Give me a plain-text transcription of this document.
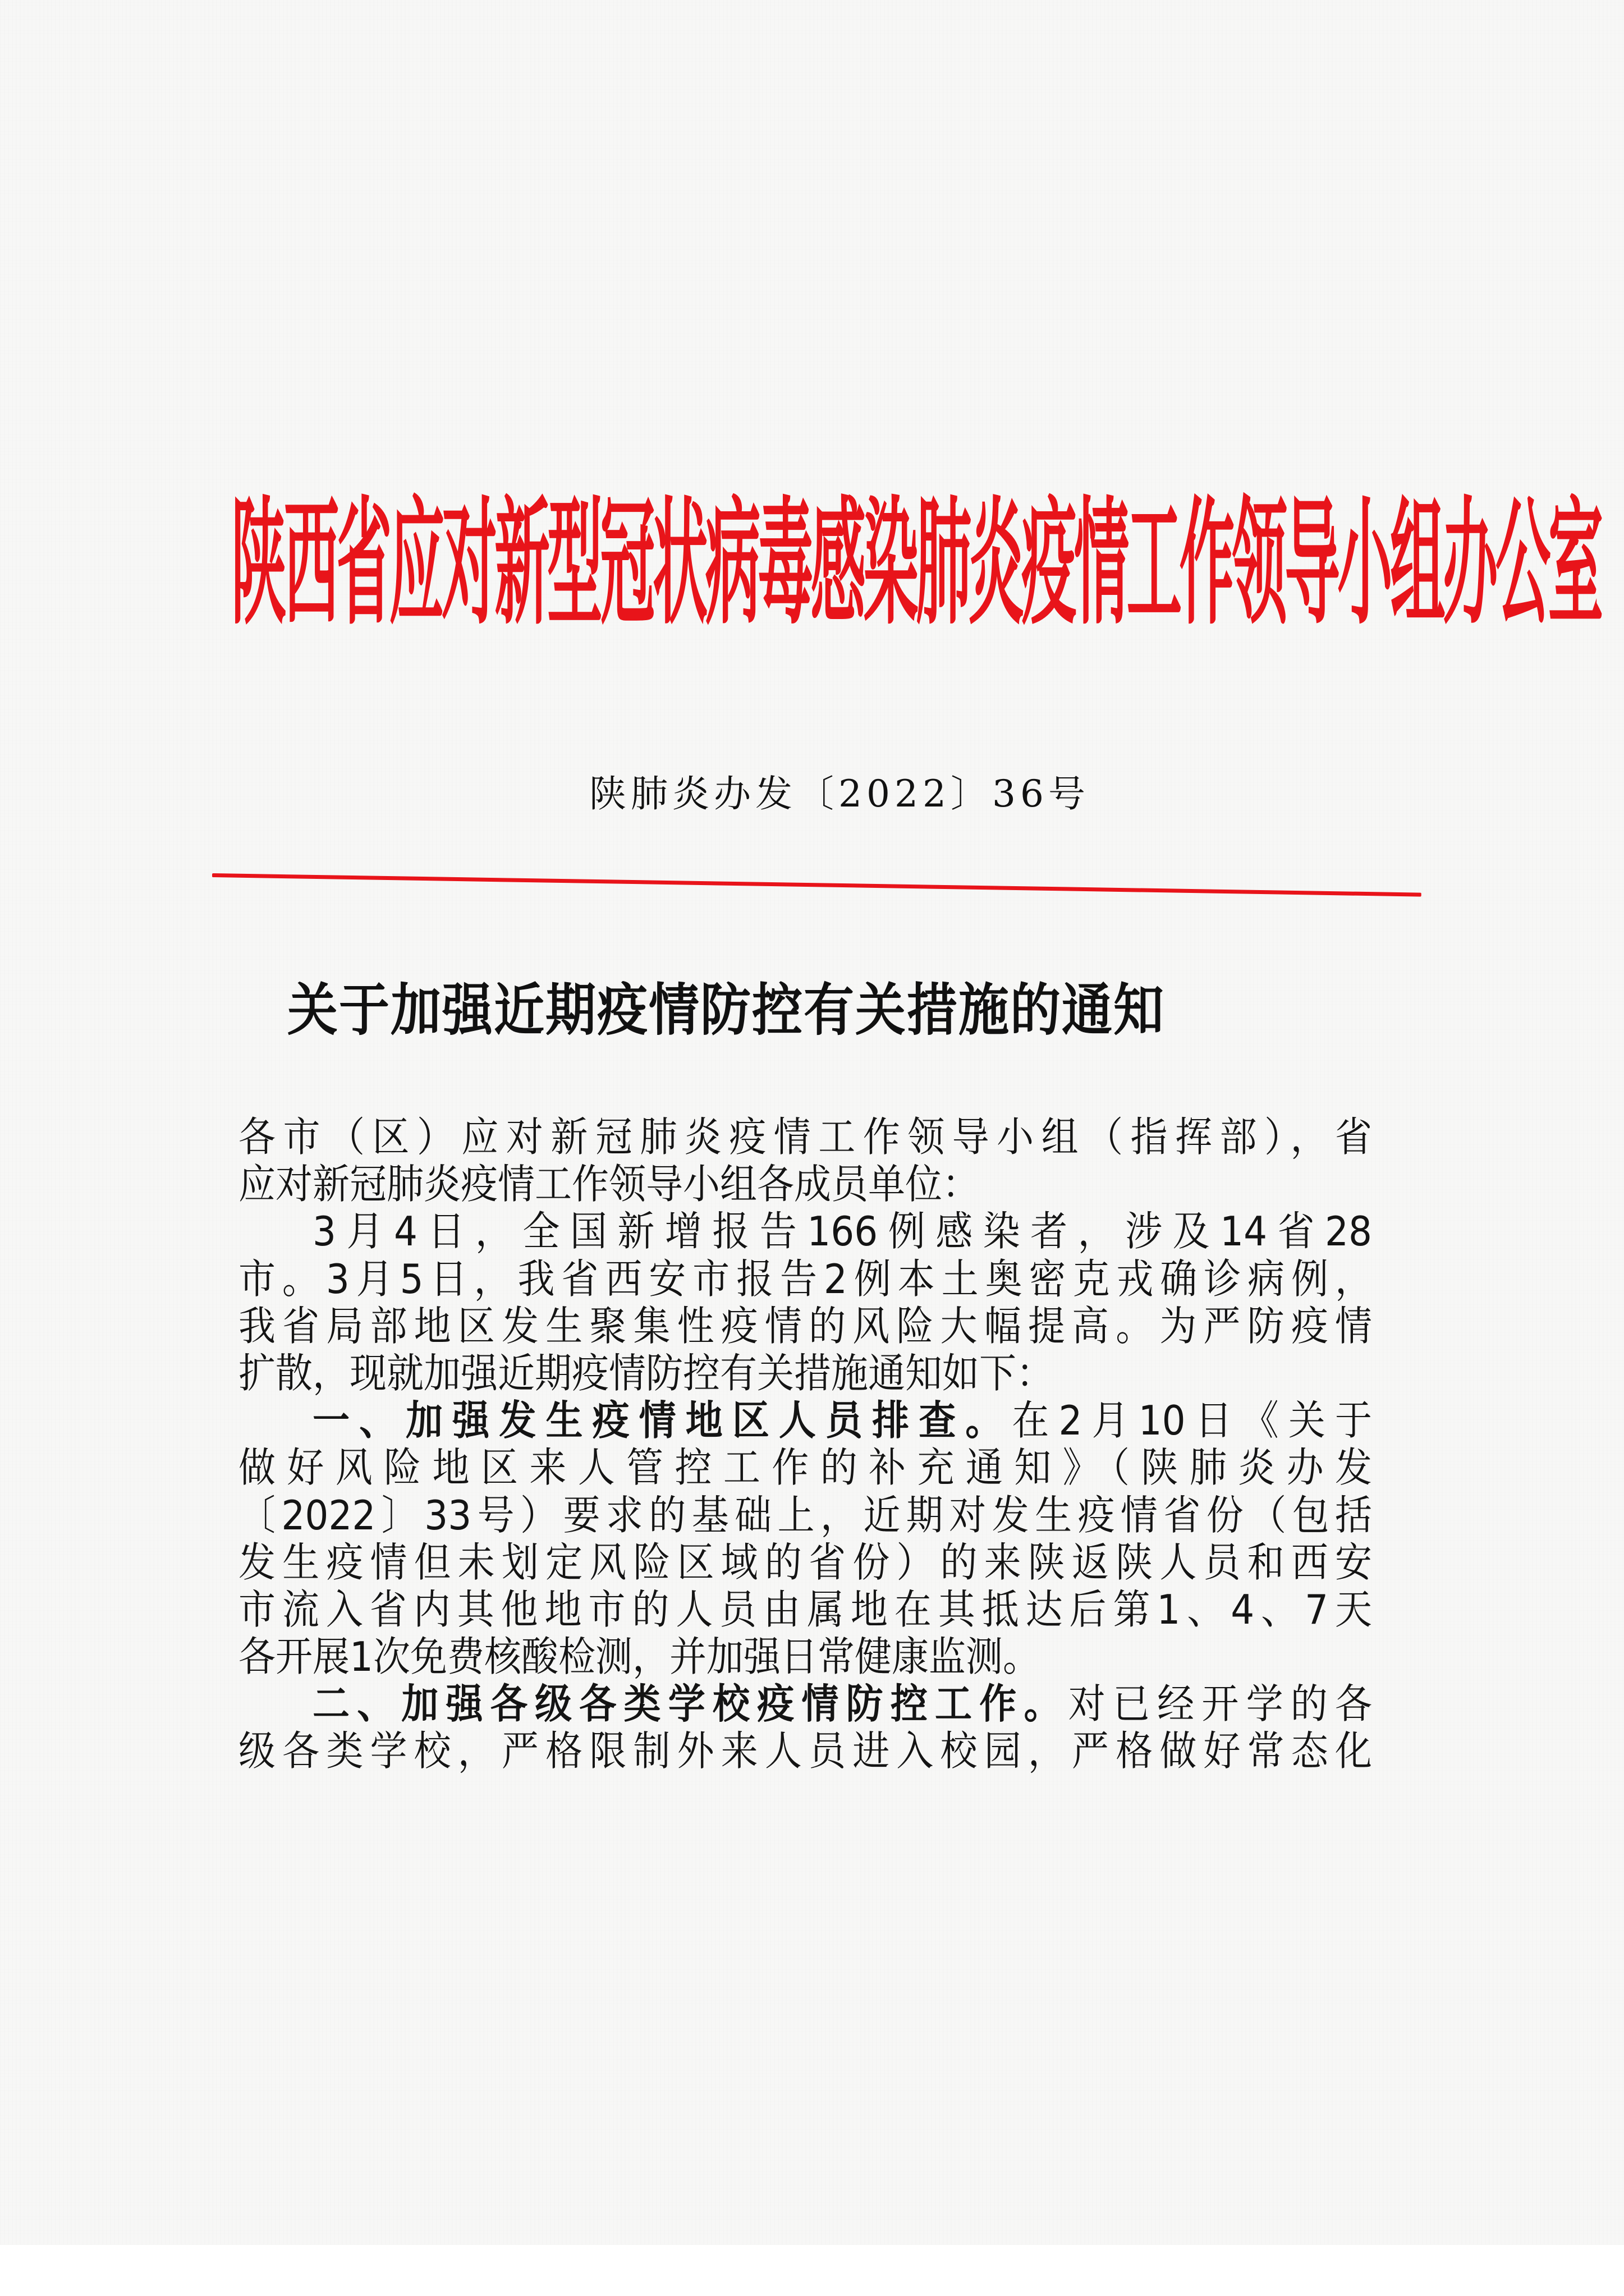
陕西省应对新型冠状病毒感染肺炎疫情工作领导小组办公室
陕肺炎办发〔2022〕36号
关于加强近期疫情防控有关措施的通知
各市（区）应对新冠肺炎疫情工作领导小组（指挥部），省
应对新冠肺炎疫情工作领导小组各成员单位：
3月4日，全国新增报告166例感染者，涉及14省28
市。3月5日，我省西安市报告2例本土奥密克戎确诊病例，
我省局部地区发生聚集性疫情的风险大幅提高。为严防疫情
扩散，现就加强近期疫情防控有关措施通知如下：
一、加强发生疫情地区人员排查。在2月10日《关于
做好风险地区来人管控工作的补充通知》（陕肺炎办发
〔2022〕33号）要求的基础上，近期对发生疫情省份（包括
发生疫情但未划定风险区域的省份）的来陕返陕人员和西安
市流入省内其他地市的人员由属地在其抵达后第1、4、7天
各开展1次免费核酸检测，并加强日常健康监测。
二、加强各级各类学校疫情防控工作。对已经开学的各
级各类学校，严格限制外来人员进入校园，严格做好常态化
